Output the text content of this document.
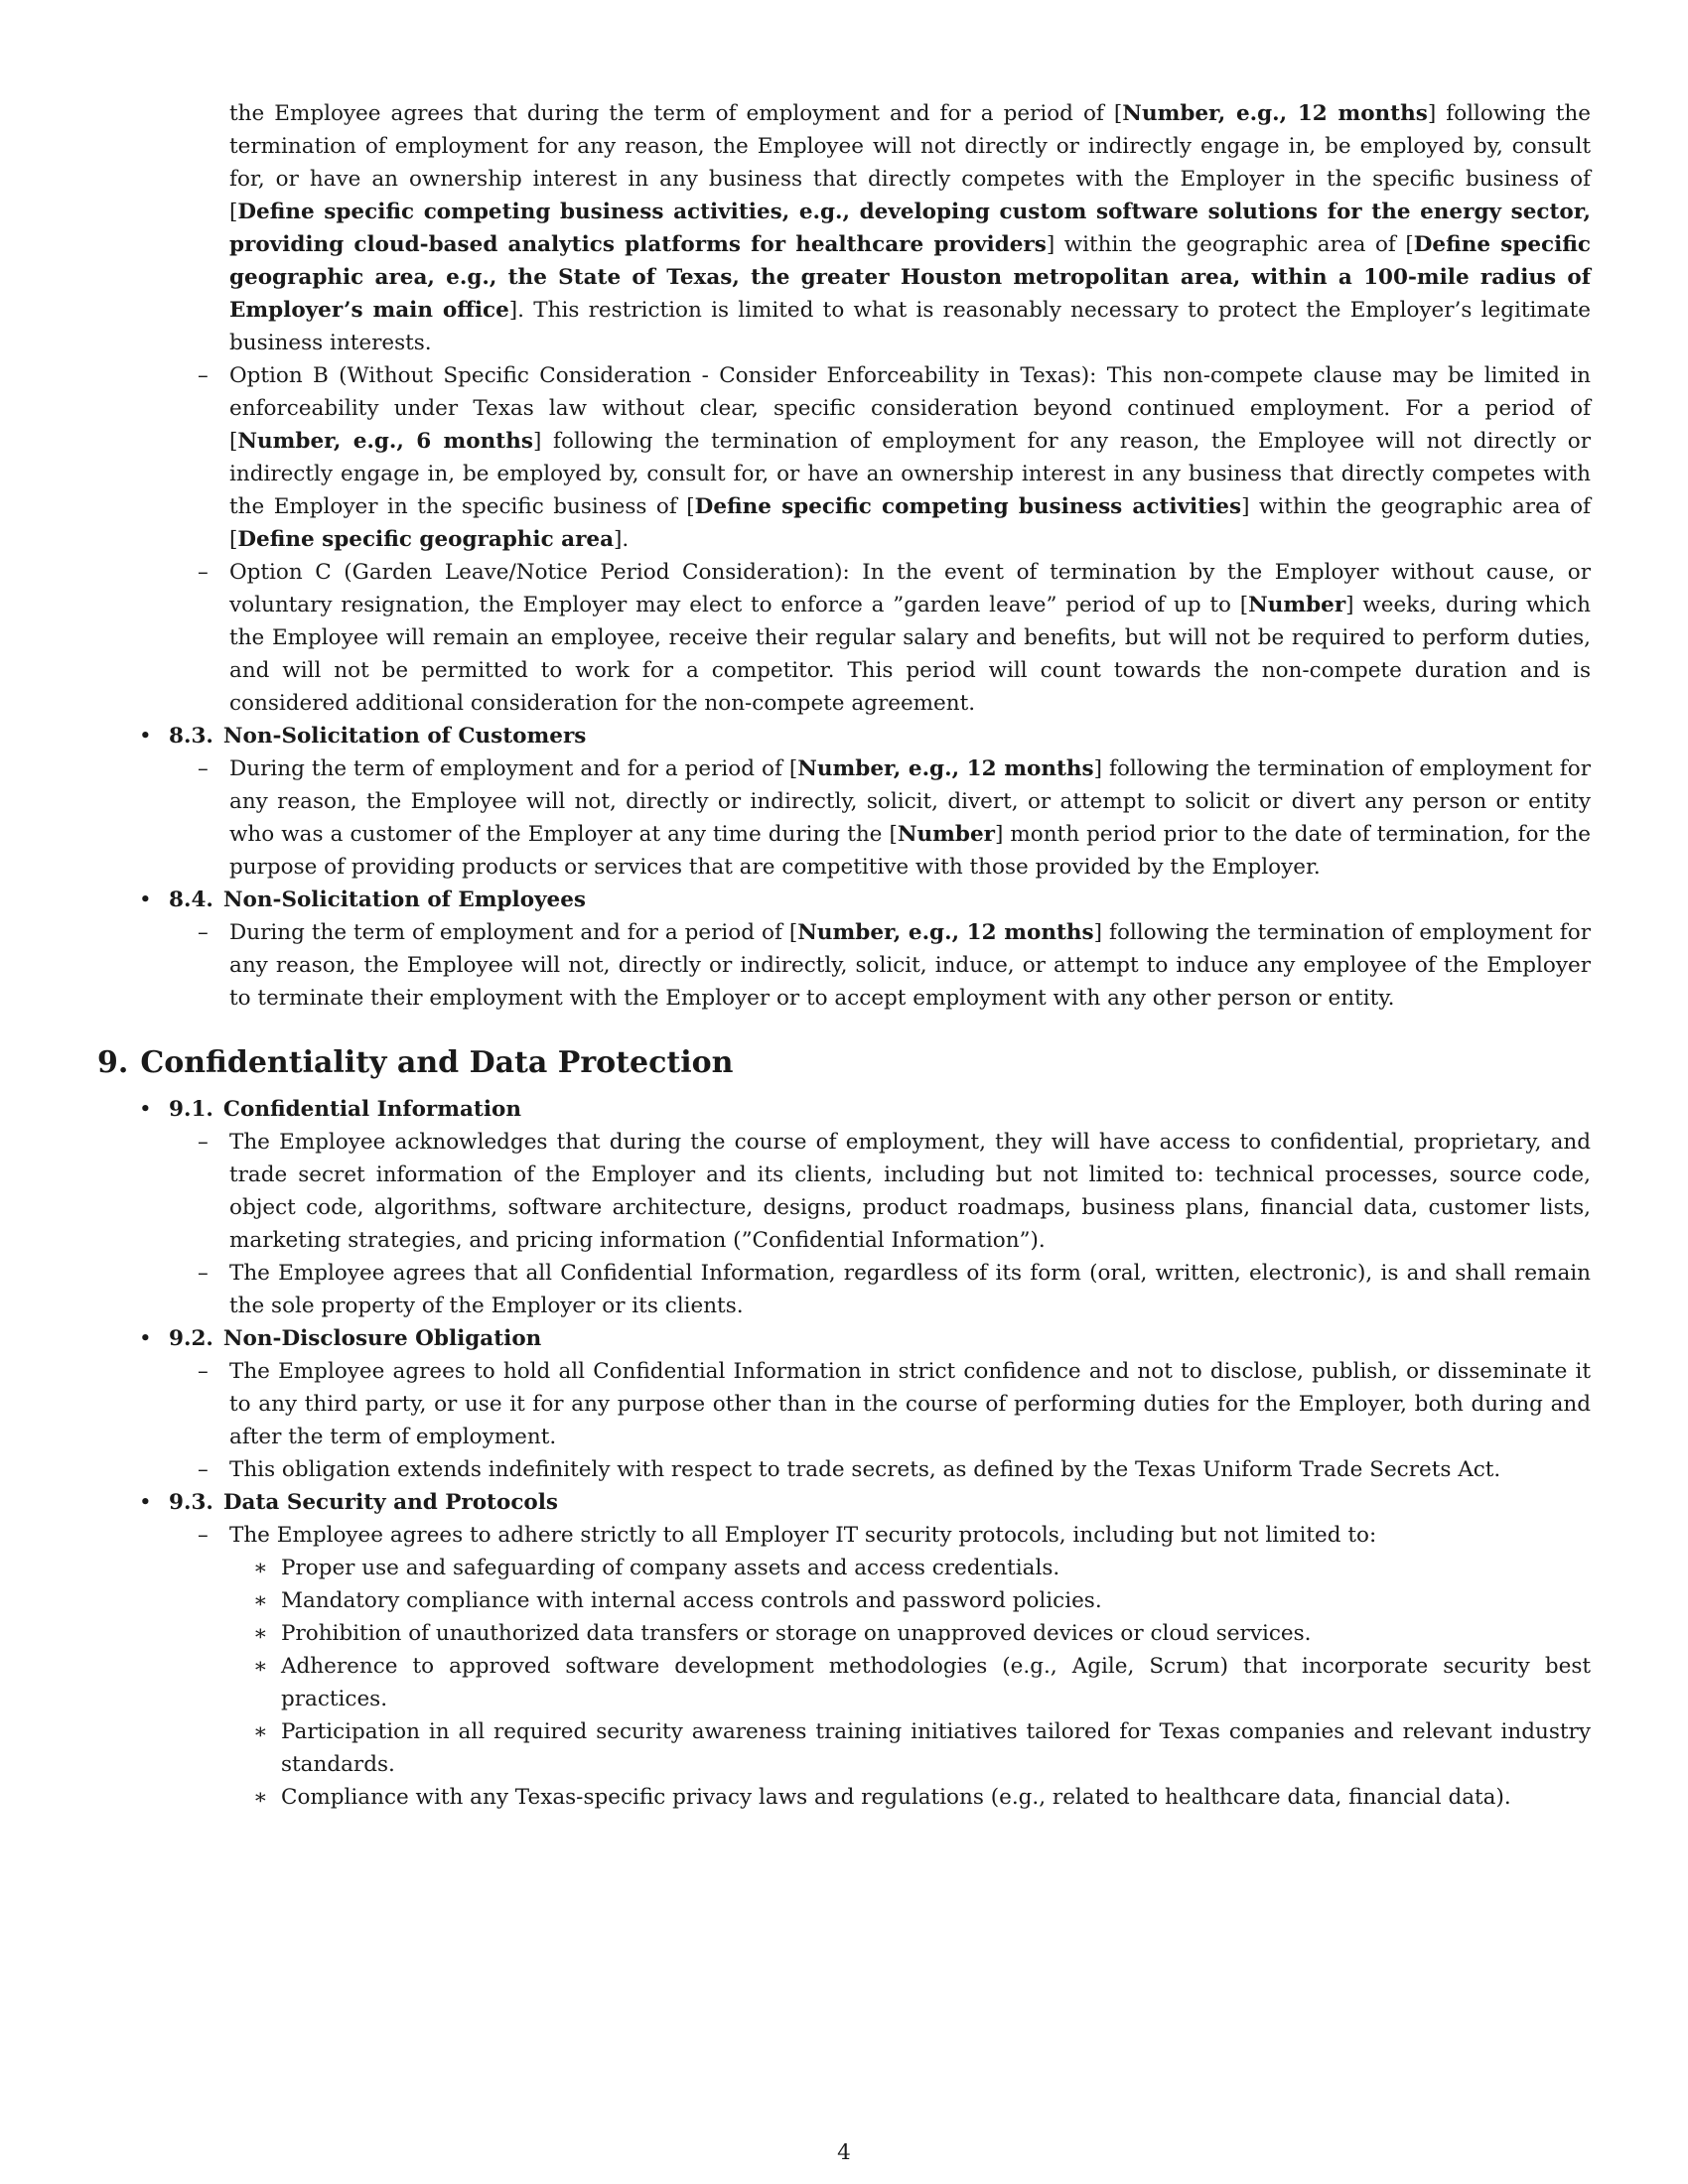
the Employee agrees that during the term of employment and for a period of [Number, e.g., 12 months] following the termination of employment for any reason, the Employee will not directly or indirectly engage in, be employed by, consult for, or have an ownership interest in any business that directly competes with the Employer in the specific business of [Define specific competing business activities, e.g., developing custom software solutions for the energy sector, providing cloud-based analytics platforms for healthcare providers] within the geographic area of [Define specific geographic area, e.g., the State of Texas, the greater Houston metropolitan area, within a 100-mile radius of Employer’s main office]. This restriction is limited to what is reasonably necessary to protect the Employer’s legitimate business interests.
– Option B (Without Specific Consideration - Consider Enforceability in Texas): This non-compete clause may be limited in enforceability under Texas law without clear, specific consideration beyond continued employment. For a period of [Number, e.g., 6 months] following the termination of employment for any reason, the Employee will not directly or indirectly engage in, be employed by, consult for, or have an ownership interest in any business that directly competes with the Employer in the specific business of [Define specific competing business activities] within the geographic area of [Define specific geographic area].
– Option C (Garden Leave/Notice Period Consideration): In the event of termination by the Employer without cause, or voluntary resignation, the Employer may elect to enforce a ”garden leave” period of up to [Number] weeks, during which the Employee will remain an employee, receive their regular salary and benefits, but will not be required to perform duties, and will not be permitted to work for a competitor. This period will count towards the non-compete duration and is considered additional consideration for the non-compete agreement.
• 8.3. Non-Solicitation of Customers
– During the term of employment and for a period of [Number, e.g., 12 months] following the termination of employment for any reason, the Employee will not, directly or indirectly, solicit, divert, or attempt to solicit or divert any person or entity who was a customer of the Employer at any time during the [Number] month period prior to the date of termination, for the purpose of providing products or services that are competitive with those provided by the Employer.
• 8.4. Non-Solicitation of Employees
– During the term of employment and for a period of [Number, e.g., 12 months] following the termination of employment for any reason, the Employee will not, directly or indirectly, solicit, induce, or attempt to induce any employee of the Employer to terminate their employment with the Employer or to accept employment with any other person or entity.
9. Confidentiality and Data Protection
• 9.1. Confidential Information
– The Employee acknowledges that during the course of employment, they will have access to confidential, proprietary, and trade secret information of the Employer and its clients, including but not limited to: technical processes, source code, object code, algorithms, software architecture, designs, product roadmaps, business plans, financial data, customer lists, marketing strategies, and pricing information (”Confidential Information”).
– The Employee agrees that all Confidential Information, regardless of its form (oral, written, electronic), is and shall remain the sole property of the Employer or its clients.
• 9.2. Non-Disclosure Obligation
– The Employee agrees to hold all Confidential Information in strict confidence and not to disclose, publish, or disseminate it to any third party, or use it for any purpose other than in the course of performing duties for the Employer, both during and after the term of employment.
– This obligation extends indefinitely with respect to trade secrets, as defined by the Texas Uniform Trade Secrets Act.
• 9.3. Data Security and Protocols
– The Employee agrees to adhere strictly to all Employer IT security protocols, including but not limited to:
∗ Proper use and safeguarding of company assets and access credentials.
∗ Mandatory compliance with internal access controls and password policies.
∗ Prohibition of unauthorized data transfers or storage on unapproved devices or cloud services.
∗ Adherence to approved software development methodologies (e.g., Agile, Scrum) that incorporate security best practices.
∗ Participation in all required security awareness training initiatives tailored for Texas companies and relevant industry standards.
∗ Compliance with any Texas-specific privacy laws and regulations (e.g., related to healthcare data, financial data).
4
